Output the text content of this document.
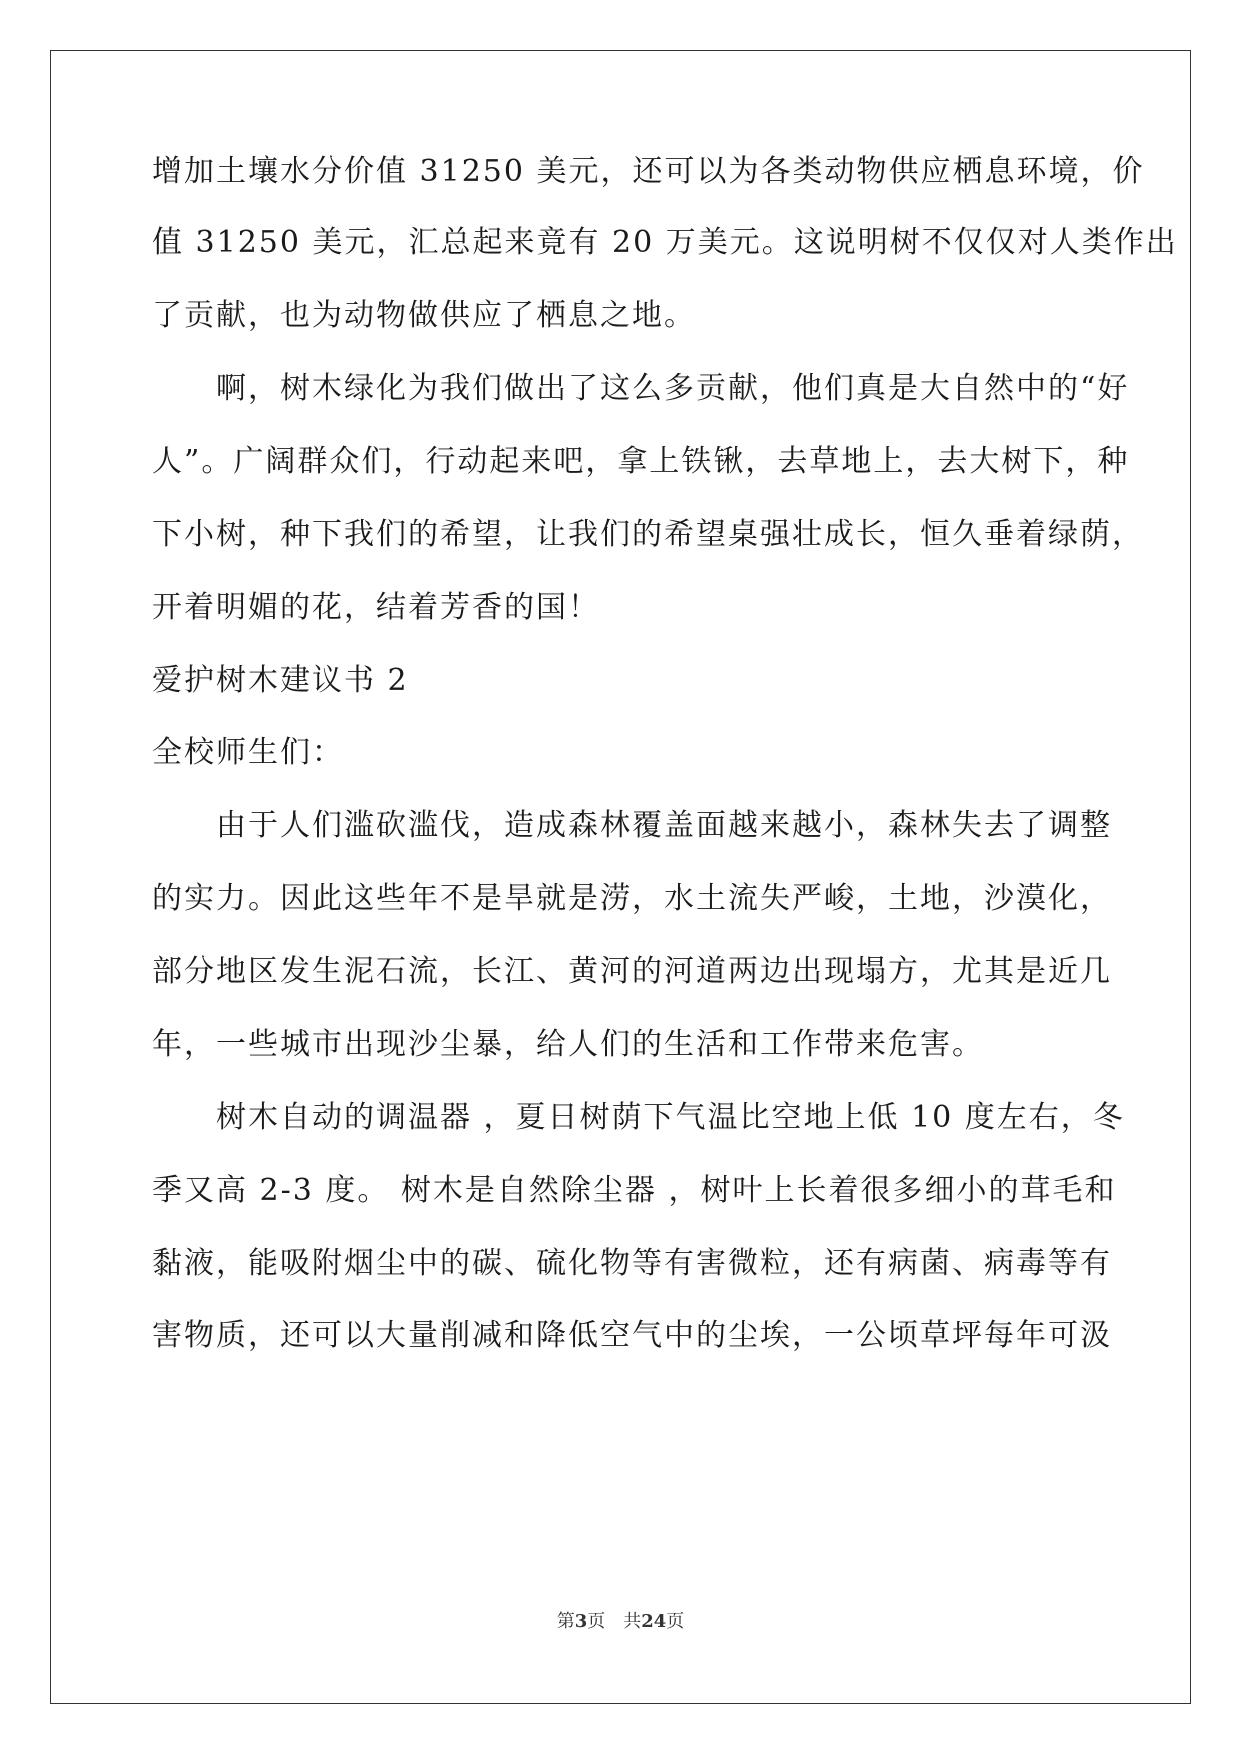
增加土壤水分价值 31250 美元，还可以为各类动物供应栖息环境，价
值 31250 美元，汇总起来竟有 20 万美元。这说明树不仅仅对人类作出
了贡献，也为动物做供应了栖息之地。
啊，树木绿化为我们做出了这么多贡献，他们真是大自然中的“好
人”。广阔群众们，行动起来吧，拿上铁锹，去草地上，去大树下，种
下小树，种下我们的希望，让我们的希望桌强壮成长，恒久垂着绿荫，
开着明媚的花，结着芳香的国！
爱护树木建议书 2
全校师生们：
由于人们滥砍滥伐，造成森林覆盖面越来越小，森林失去了调整
的实力。因此这些年不是旱就是涝，水土流失严峻，土地，沙漠化，
部分地区发生泥石流，长江、黄河的河道两边出现塌方，尤其是近几
年，一些城市出现沙尘暴，给人们的生活和工作带来危害。
树木自动的调温器 ，夏日树荫下气温比空地上低 10 度左右，冬
季又高 2-3 度。 树木是自然除尘器 ，树叶上长着很多细小的茸毛和
黏液，能吸附烟尘中的碳、硫化物等有害微粒，还有病菌、病毒等有
害物质，还可以大量削减和降低空气中的尘埃，一公顷草坪每年可汲
第3页　共24页
